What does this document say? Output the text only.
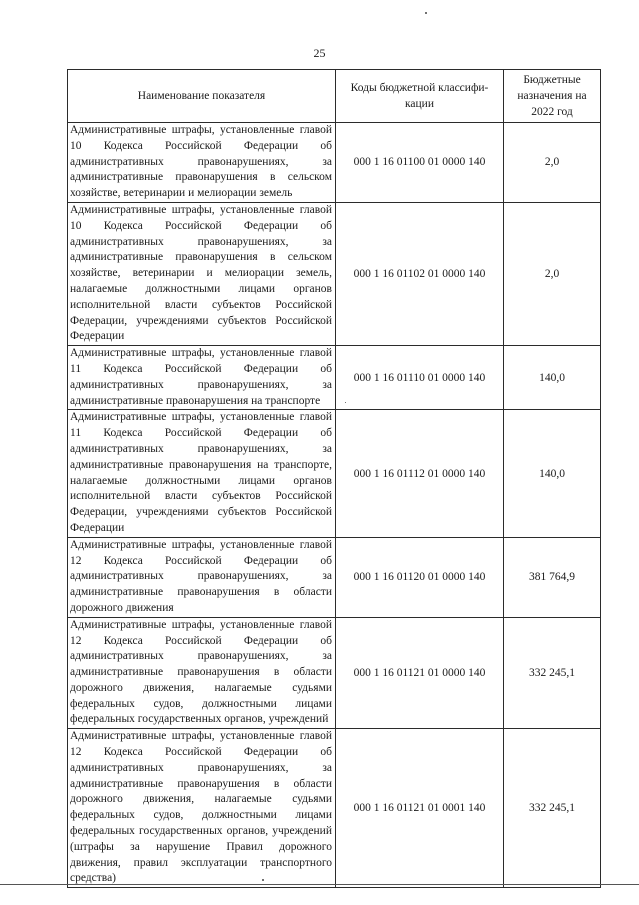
25
Наименование показателя	Коды бюджетной классифи-кации	Бюджетные назначения на 2022 год
Административные штрафы, установленные главой 10 Кодекса Российской Федерации об административных правонарушениях, за административные правонарушения в сельском хозяйстве, ветеринарии и мелиорации земель	000 1 16 01100 01 0000 140	2,0
Административные штрафы, установленные главой 10 Кодекса Российской Федерации об административных правонарушениях, за административные правонарушения в сельском хозяйстве, ветеринарии и мелиорации земель, налагаемые должностными лицами органов исполнительной власти субъектов Российской Федерации, учреждениями субъектов Российской Федерации	000 1 16 01102 01 0000 140	2,0
Административные штрафы, установленные главой 11 Кодекса Российской Федерации об административных правонарушениях, за административные правонарушения на транспорте	000 1 16 01110 01 0000 140	140,0
Административные штрафы, установленные главой 11 Кодекса Российской Федерации об административных правонарушениях, за административные правонарушения на транспорте, налагаемые должностными лицами органов исполнительной власти субъектов Российской Федерации, учреждениями субъектов Российской Федерации	000 1 16 01112 01 0000 140	140,0
Административные штрафы, установленные главой 12 Кодекса Российской Федерации об административных правонарушениях, за административные правонарушения в области дорожного движения	000 1 16 01120 01 0000 140	381 764,9
Административные штрафы, установленные главой 12 Кодекса Российской Федерации об административных правонарушениях, за административные правонарушения в области дорожного движения, налагаемые судьями федеральных судов, должностными лицами федеральных государственных органов, учреждений	000 1 16 01121 01 0000 140	332 245,1
Административные штрафы, установленные главой 12 Кодекса Российской Федерации об административных правонарушениях, за административные правонарушения в области дорожного движения, налагаемые судьями федеральных судов, должностными лицами федеральных государственных органов, учреждений (штрафы за нарушение Правил дорожного движения, правил эксплуатации транспортного средства)	000 1 16 01121 01 0001 140	332 245,1
